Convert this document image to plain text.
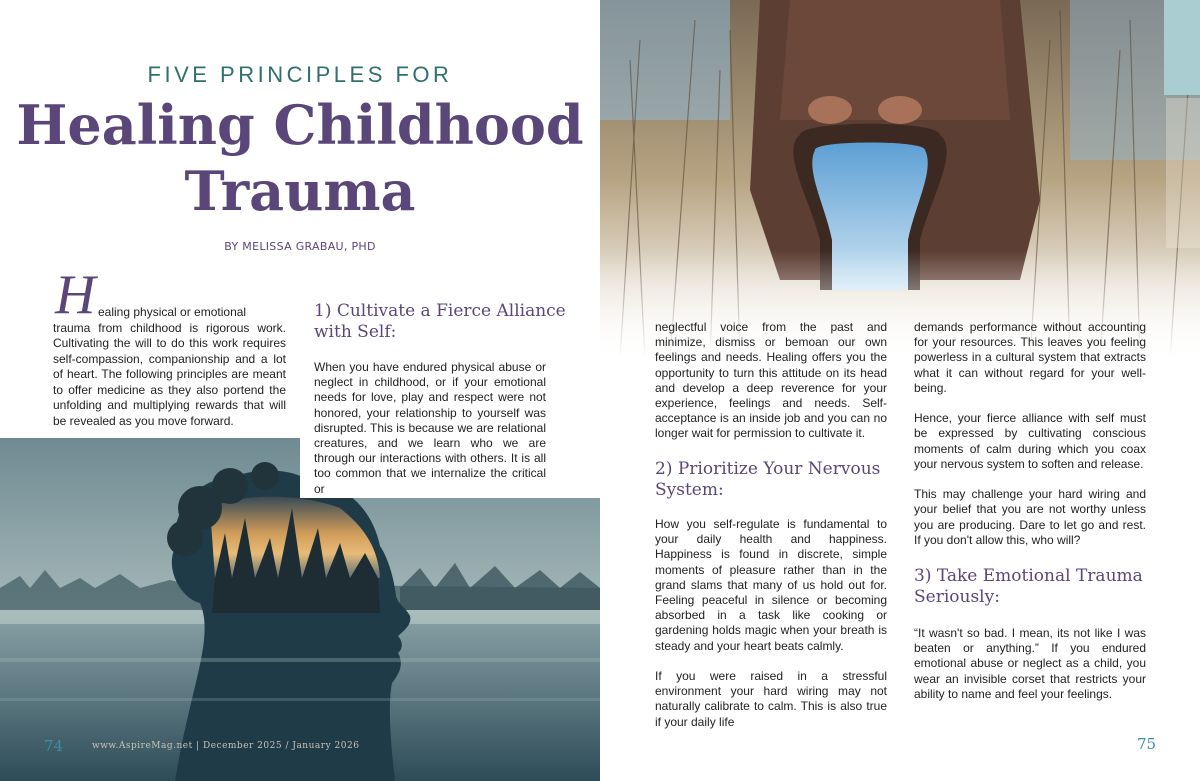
FIVE PRINCIPLES FOR
Healing Childhood
Trauma
BY MELISSA GRABAU, PHD
H ealing physical or emotional
trauma from childhood is rigorous work. Cultivating the will to do this work requires self-compassion, companionship and a lot of heart. The following principles are meant to offer medicine as they also portend the unfolding and multiplying rewards that will be revealed as you move forward.
1) Cultivate a Fierce Alliance with Self:
When you have endured physical abuse or neglect in childhood, or if your emotional needs for love, play and respect were not honored, your relationship to yourself was disrupted. This is because we are relational creatures, and we learn who we are through our interactions with others. It is all too common that we internalize the critical or
74	www.AspireMag.net | December 2025 / January 2026
neglectful voice from the past and minimize, dismiss or bemoan our own feelings and needs. Healing offers you the opportunity to turn this attitude on its head and develop a deep reverence for your experience, feelings and needs. Self-acceptance is an inside job and you can no longer wait for permission to cultivate it.
2) Prioritize Your Nervous System:

How you self-regulate is fundamental to your daily health and happiness. Happiness is found in discrete, simple moments of pleasure rather than in the grand slams that many of us hold out for. Feeling peaceful in silence or becoming absorbed in a task like cooking or gardening holds magic when your breath is steady and your heart beats calmly.

If you were raised in a stressful environment your hard wiring may not naturally calibrate to calm. This is also true if your daily life

demands performance without accounting for your resources. This leaves you feeling powerless in a cultural system that extracts what it can without regard for your well-being.

Hence, your fierce alliance with self must be expressed by cultivating conscious moments of calm during which you coax your nervous system to soften and release.

This may challenge your hard wiring and your belief that you are not worthy unless you are producing. Dare to let go and rest. If you don't allow this, who will?

3) Take Emotional Trauma Seriously:
“It wasn't so bad. I mean, its not like I was beaten or anything.” If you endured emotional abuse or neglect as a child, you wear an invisible corset that restricts your ability to name and feel your feelings.
75
